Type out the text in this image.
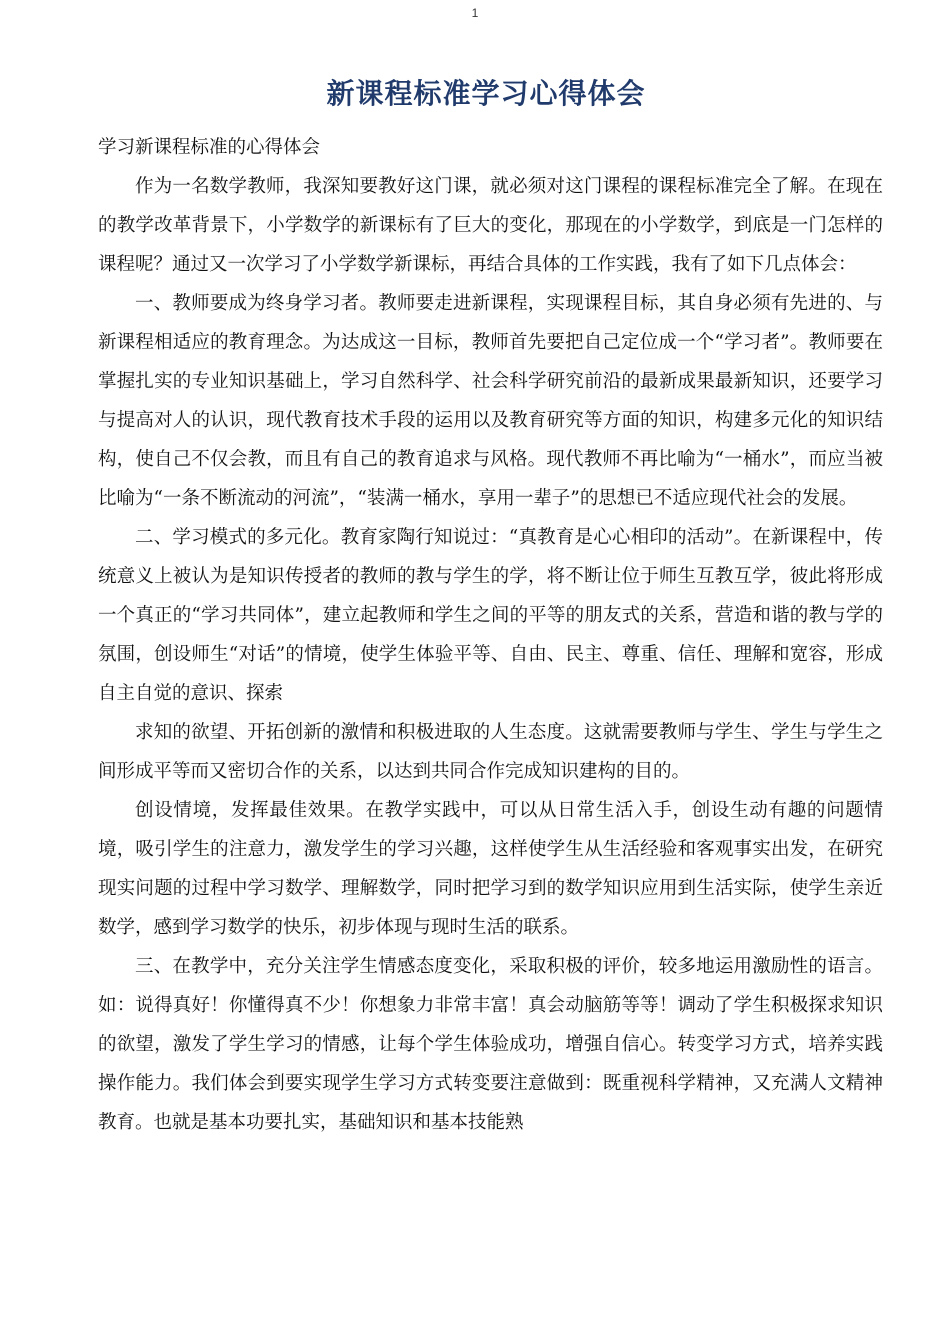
1
新课程标准学习心得体会

学习新课程标准的心得体会

作为一名数学教师，我深知要教好这门课，就必须对这门课程的课程标准完全了解。在现在的教学改革背景下，小学数学的新课标有了巨大的变化，那现在的小学数学，到底是一门怎样的课程呢？通过又一次学习了小学数学新课标，再结合具体的工作实践，我有了如下几点体会：

一、教师要成为终身学习者。教师要走进新课程，实现课程目标，其自身必须有先进的、与新课程相适应的教育理念。为达成这一目标，教师首先要把自己定位成一个“学习者”。教师要在掌握扎实的专业知识基础上，学习自然科学、社会科学研究前沿的最新成果最新知识，还要学习与提高对人的认识，现代教育技术手段的运用以及教育研究等方面的知识，构建多元化的知识结构，使自己不仅会教，而且有自己的教育追求与风格。现代教师不再比喻为“一桶水”，而应当被比喻为“一条不断流动的河流”，“装满一桶水，享用一辈子”的思想已不适应现代社会的发展。

二、学习模式的多元化。教育家陶行知说过：“真教育是心心相印的活动”。在新课程中，传统意义上被认为是知识传授者的教师的教与学生的学，将不断让位于师生互教互学，彼此将形成一个真正的“学习共同体”，建立起教师和学生之间的平等的朋友式的关系，营造和谐的教与学的氛围，创设师生“对话”的情境，使学生体验平等、自由、民主、尊重、信任、理解和宽容，形成自主自觉的意识、探索

求知的欲望、开拓创新的激情和积极进取的人生态度。这就需要教师与学生、学生与学生之间形成平等而又密切合作的关系，以达到共同合作完成知识建构的目的。

创设情境，发挥最佳效果。在教学实践中，可以从日常生活入手，创设生动有趣的问题情境，吸引学生的注意力，激发学生的学习兴趣，这样使学生从生活经验和客观事实出发，在研究现实问题的过程中学习数学、理解数学，同时把学习到的数学知识应用到生活实际，使学生亲近数学，感到学习数学的快乐，初步体现与现时生活的联系。

三、在教学中，充分关注学生情感态度变化，采取积极的评价，较多地运用激励性的语言。如：说得真好！你懂得真不少！你想象力非常丰富！真会动脑筋等等！调动了学生积极探求知识的欲望，激发了学生学习的情感，让每个学生体验成功，增强自信心。转变学习方式，培养实践操作能力。我们体会到要实现学生学习方式转变要注意做到：既重视科学精神，又充满人文精神教育。也就是基本功要扎实，基础知识和基本技能熟
